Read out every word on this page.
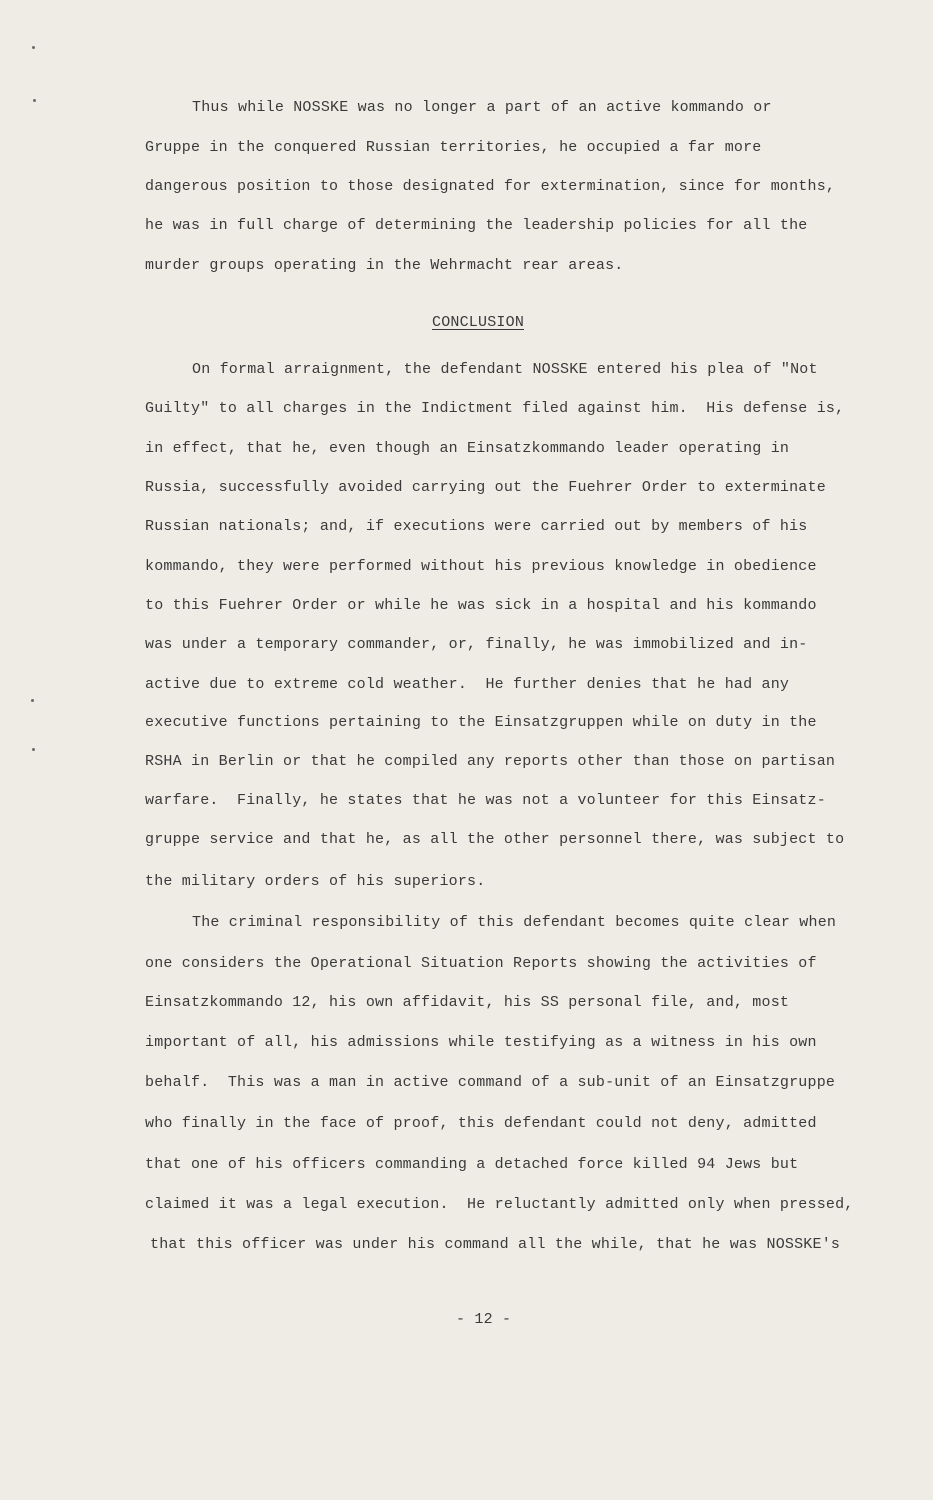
Thus while NOSSKE was no longer a part of an active kommando or

Gruppe in the conquered Russian territories, he occupied a far more

dangerous position to those designated for extermination, since for months,

he was in full charge of determining the leadership policies for all the

murder groups operating in the Wehrmacht rear areas.

CONCLUSION

On formal arraignment, the defendant NOSSKE entered his plea of "Not

Guilty" to all charges in the Indictment filed against him.  His defense is,

in effect, that he, even though an Einsatzkommando leader operating in

Russia, successfully avoided carrying out the Fuehrer Order to exterminate

Russian nationals; and, if executions were carried out by members of his

kommando, they were performed without his previous knowledge in obedience

to this Fuehrer Order or while he was sick in a hospital and his kommando

was under a temporary commander, or, finally, he was immobilized and in-

active due to extreme cold weather.  He further denies that he had any

executive functions pertaining to the Einsatzgruppen while on duty in the

RSHA in Berlin or that he compiled any reports other than those on partisan

warfare.  Finally, he states that he was not a volunteer for this Einsatz-

gruppe service and that he, as all the other personnel there, was subject to

the military orders of his superiors.

The criminal responsibility of this defendant becomes quite clear when

one considers the Operational Situation Reports showing the activities of

Einsatzkommando 12, his own affidavit, his SS personal file, and, most

important of all, his admissions while testifying as a witness in his own

behalf.  This was a man in active command of a sub-unit of an Einsatzgruppe

who finally in the face of proof, this defendant could not deny, admitted

that one of his officers commanding a detached force killed 94 Jews but

claimed it was a legal execution.  He reluctantly admitted only when pressed,

that this officer was under his command all the while, that he was NOSSKE's

- 12 -
